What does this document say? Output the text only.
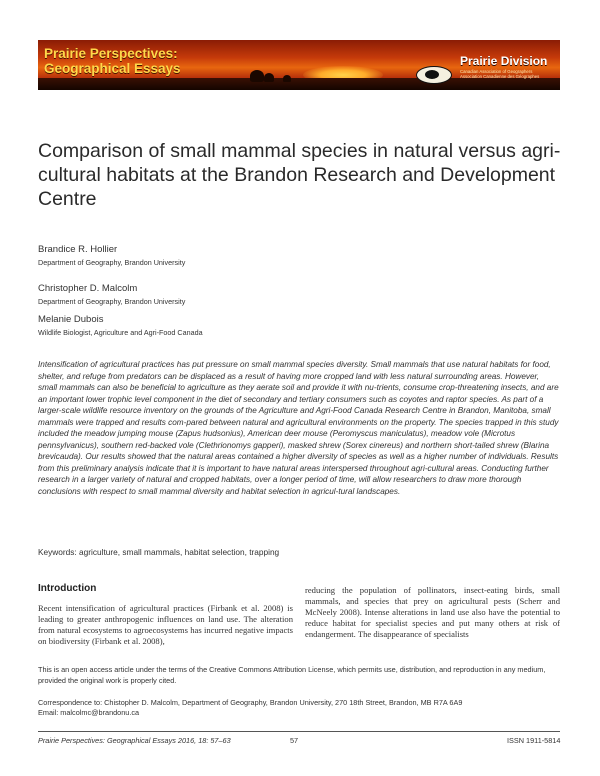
Prairie Perspectives:
Geographical Essays	Prairie Division
Canadian Association of Geographers
Association Canadienne des Géographes
Comparison of small mammal species in natural versus agri-cultural habitats at the Brandon Research and Development Centre
Brandice R. Hollier
Department of Geography, Brandon University
Christopher D. Malcolm
Department of Geography, Brandon University
Melanie Dubois
Wildlife Biologist, Agriculture and Agri-Food Canada

Intensification of agricultural practices has put pressure on small mammal species diversity. Small mammals that use natural habitats for food, shelter, and refuge from predators can be displaced as a result of having more cropped land with less natural surrounding areas. However, small mammals can also be beneficial to agriculture as they aerate soil and provide it with nu-trients, consume crop-threatening insects, and are an important lower trophic level component in the diet of secondary and tertiary consumers such as coyotes and raptor species. As part of a larger-scale wildlife resource inventory on the grounds of the Agriculture and Agri-Food Canada Research Centre in Brandon, Manitoba, small mammals were trapped and results com-pared between natural and agricultural environments on the property. The species trapped in this study included the meadow jumping mouse (Zapus hudsonius), American deer mouse (Peromyscus maniculatus), meadow vole (Microtus pennsylvanicus), southern red-backed vole (Clethrionomys gapperi), masked shrew (Sorex cinereus) and northern short-tailed shrew (Blarina brevicauda). Our results showed that the natural areas contained a higher diversity of species as well as a higher number of individuals. Results from this preliminary analysis indicate that it is important to have natural areas interspersed throughout agri-cultural areas. Conducting further research in a larger variety of natural and cropped habitats, over a longer period of time, will allow researchers to draw more thorough conclusions with respect to small mammal diversity and habitat selection in agricul-tural landscapes.

Keywords: agriculture, small mammals, habitat selection, trapping
Introduction

Recent intensification of agricultural practices (Firbank et al. 2008) is leading to greater anthropogenic influences on land use. The alteration from natural ecosystems to agroecosystems has incurred negative impacts on biodiversity (Firbank et al. 2008),

reducing the population of pollinators, insect-eating birds, small mammals, and species that prey on agricultural pests (Scherr and McNeely 2008). Intense alterations in land use also have the potential to reduce habitat for specialist species and put many others at risk of endangerment. The disappearance of specialists

This is an open access article under the terms of the Creative Commons Attribution License, which permits use, distribution, and reproduction in any medium, provided the original work is properly cited.
Correspondence to: Chistopher D. Malcolm, Department of Geography, Brandon University, 270 18th Street, Brandon, MB R7A 6A9
Email: malcolmc@brandonu.ca
Prairie Perspectives: Geographical Essays 2016, 18: 57–63	57	ISSN 1911-5814
